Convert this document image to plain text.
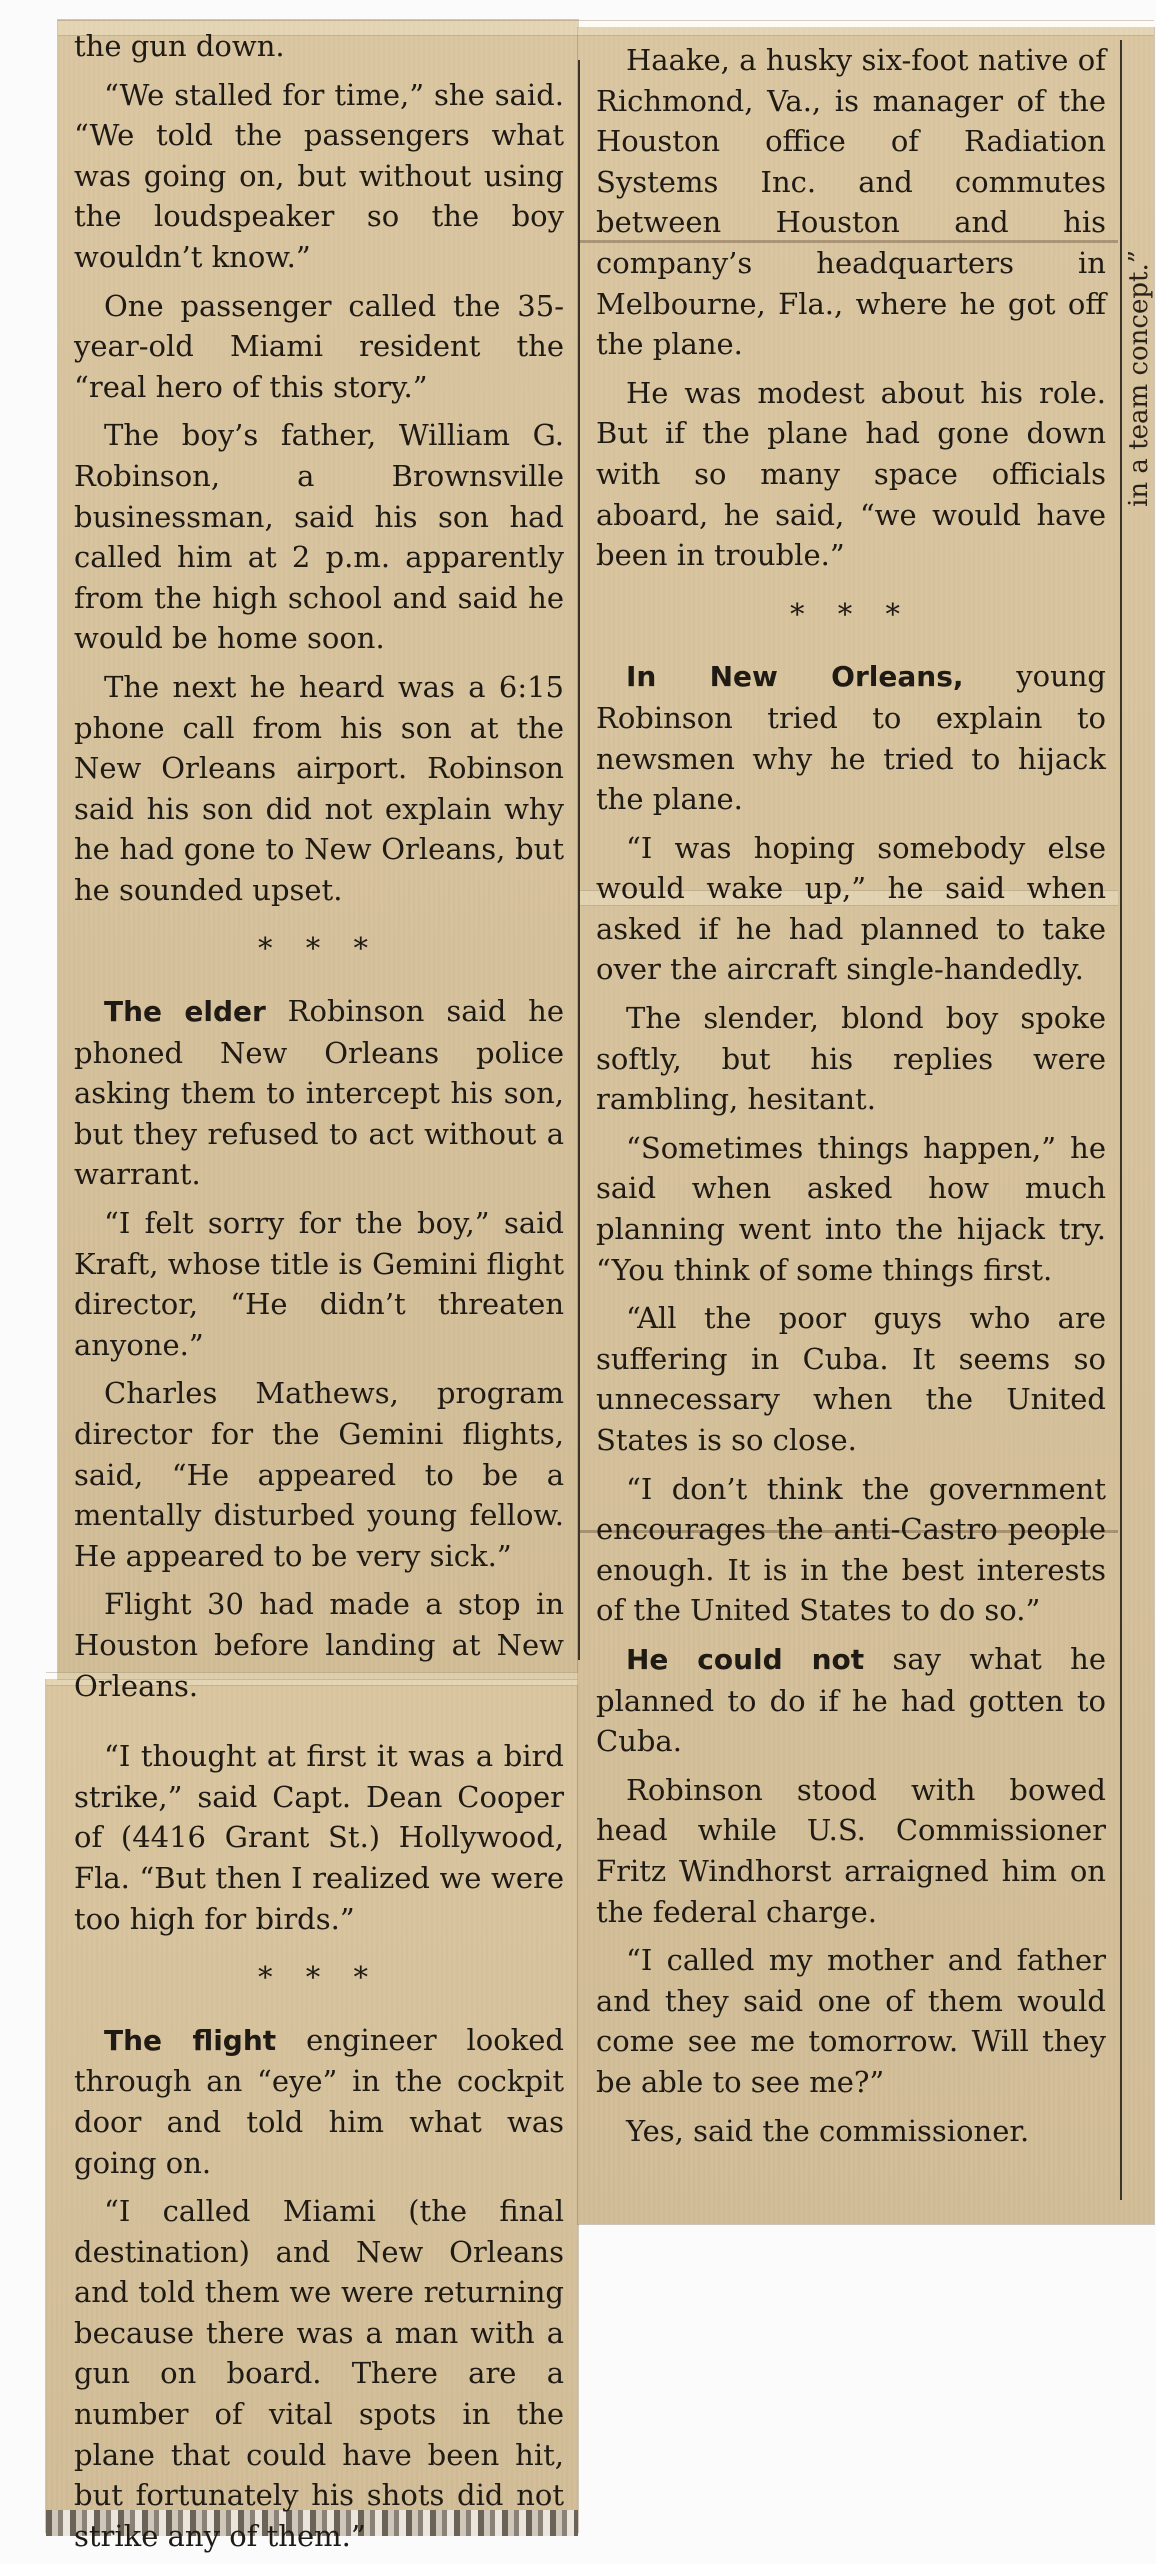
the gun down.

“We stalled for time,” she said. “We told the passengers what was going on, but without using the loudspeaker so the boy wouldn’t know.”

One passenger called the 35-year-old Miami resident the “real hero of this story.”

The boy’s father, William G. Robinson, a Brownsville businessman, said his son had called him at 2 p.m. apparently from the high school and said he would be home soon.

The next he heard was a 6:15 phone call from his son at the New Orleans airport. Robinson said his son did not explain why he had gone to New Orleans, but he sounded upset.

* * *

The elder Robinson said he phoned New Orleans police asking them to intercept his son, but they refused to act without a warrant.

“I felt sorry for the boy,” said Kraft, whose title is Gemini flight director, “He didn’t threaten anyone.”

Charles Mathews, program director for the Gemini flights, said, “He appeared to be a mentally disturbed young fellow. He appeared to be very sick.”

Flight 30 had made a stop in Houston before landing at New Orleans.

“I thought at first it was a bird strike,” said Capt. Dean Cooper of (4416 Grant St.) Hollywood, Fla. “But then I realized we were too high for birds.”

* * *

The flight engineer looked through an “eye” in the cockpit door and told him what was going on.

“I called Miami (the final destination) and New Orleans and told them we were returning because there was a man with a gun on board. There are a number of vital spots in the plane that could have been hit, but fortunately his shots did not strike any of them.”

Haake, a husky six-foot native of Richmond, Va., is manager of the Houston office of Radiation Systems Inc. and commutes between Houston and his company’s headquarters in Melbourne, Fla., where he got off the plane.

He was modest about his role. But if the plane had gone down with so many space officials aboard, he said, “we would have been in trouble.”

* * *

In New Orleans, young Robinson tried to explain to newsmen why he tried to hijack the plane.

“I was hoping somebody else would wake up,” he said when asked if he had planned to take over the aircraft single-handedly.

The slender, blond boy spoke softly, but his replies were rambling, hesitant.

“Sometimes things happen,” he said when asked how much planning went into the hijack try. “You think of some things first.

“All the poor guys who are suffering in Cuba. It seems so unnecessary when the United States is so close.

“I don’t think the government encourages the anti-Castro people enough. It is in the best interests of the United States to do so.”

He could not say what he planned to do if he had gotten to Cuba.

Robinson stood with bowed head while U.S. Commissioner Fritz Windhorst arraigned him on the federal charge.

“I called my mother and father and they said one of them would come see me tomorrow. Will they be able to see me?”

Yes, said the commissioner.

in a team concept.”
